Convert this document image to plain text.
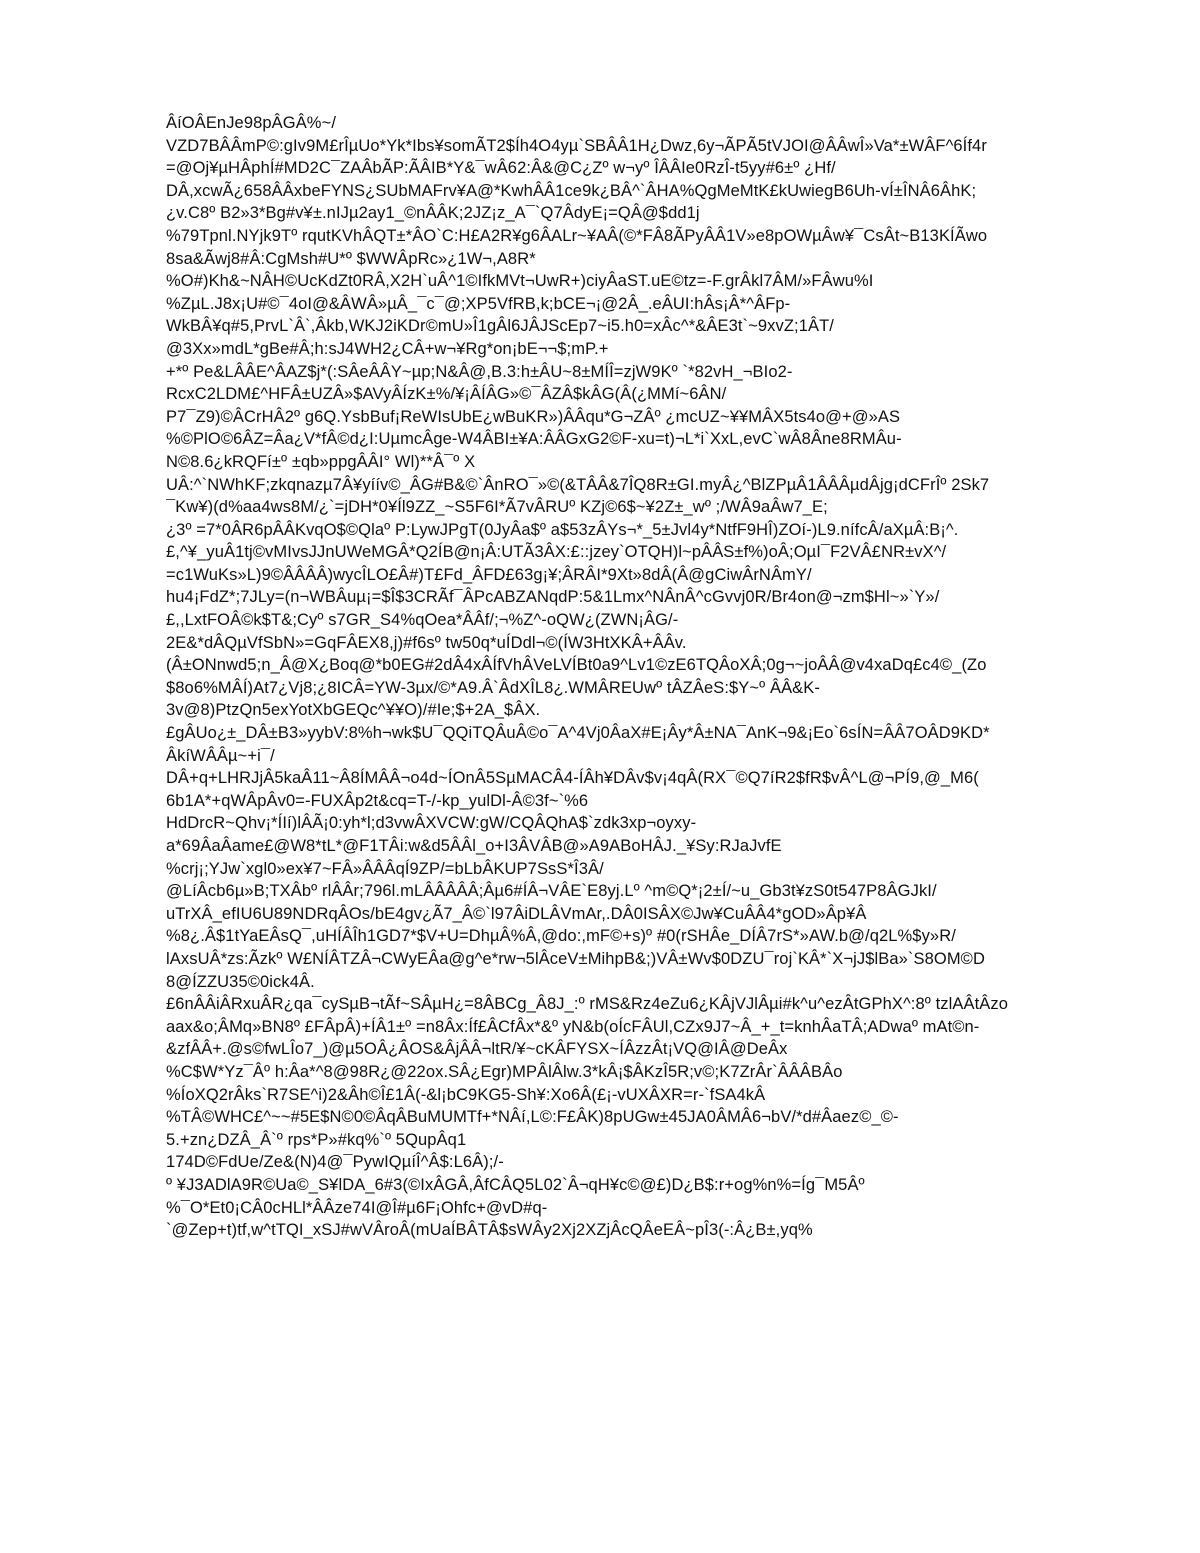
ÂíOÂEnJe98pÂGÂ%~/
VZD7BÂÂmP©:gIv9M£rÎµUo*Yk*Ibs¥somÃT2$Íh4O4yµ`SBÂÂ1H¿Dwz,6y¬ÃPÃ5tVJOI@ÂÂwÎ»Va*±WÂF^6Íf4r
=@Oj¥µHÂphÍ#MD2C¯ZAÂbÃP:ÃÂIB*Y&¯wÂ62:Â&@C¿Zº w¬yº ÎÂÂIe0RzÎ-t5yy#6±º ¿Hf/
DÂ,xcwÃ¿658ÂÂxbeFYNS¿SUbMAFrv¥A@*KwhÂÂ1ce9k¿BÂ^`ÂHA%QgMeMtK£kUwiegB6Uh-vÍ±ÎNÂ6ÂhK;
¿v.C8º B2»3*Bg#v¥±.nIJµ2ay1_©nÂÂK;2JZ¡z_A¯`Q7ÂdyE¡=QÂ@$dd1j
%79Tpnl.NYjk9Tº rqutKVhÂQT±*ÂO`C:H£A2R¥g6ÂALr~¥AÂ(©*FÂ8ÃPyÂÂ1V»e8pOWµÂw¥¯CsÂt~B13KÍÃwo
8sa&Ãwj8#Â:CgMsh#U*º $WWÂpRc»¿1W¬,A8R*
%O#)Kh&~NÂH©UcKdZt0RÂ,X2H`uÂ^1©IfkMVt¬UwR+)ciyÂaST.uE©tz=-F.grÂkl7ÂM/»FÂwu%I
%ZµL.J8x¡U#©¯4oI@&ÂWÂ»µÂ_¯c¯@;XP5VfRB,k;bCE¬¡@2Â_.eÂUI:hÂs¡Â*^ÂFp-
WkBÂ¥q#5,PrvL`Â`,Âkb,WKJ2iKDr©mU»Î1gÂl6JÂJScEp7~i5.h0=xÂc^*&ÂE3t`~9xvZ;1ÂT/
@3Xx»mdL*gBe#Â;h:sJ4WH2¿CÂ+w¬¥Rg*on¡bE¬¬$;mP.+
+*º Pe&LÂÂE^ÂAZ$j*(:SÂeÂÂY~µp;N&Â@,B.3:h±ÂU~8±MÍÎ=zjW9Kº `*82vH_¬BIo2-
RcxC2LDM£^HFÂ±UZÂ»$AVyÂÍzK±%/¥¡ÂÍÂG»©¯ÂZÂ$kÂG(Â(¿MMí~6ÂN/
P7¯Z9)©ÂCrHÂ2º g6Q.YsbBuf¡ReWIsUbE¿wBuKR»)ÂÂqu*G¬ZÂº ¿mcUZ~¥¥MÂX5ts4o@+@»AS
%©PlO©6ÂZ=Âa¿V*fÂ©d¿I:UµmcÂge-W4ÂBI±¥A:ÂÂGxG2©F-xu=t)¬L*i`XxL,evC`wÂ8Âne8RMÂu-
N©8.6¿kRQFí±º ±qb»ppgÂÂI° Wl)**Â¯º X
UÂ:^`NWhKF;zkqnazµ7Â¥yíív©_ÂG#B&©`ÂnRO¯»©(&TÂÂ&7ÎQ8R±GI.myÂ¿^BlZPµÂ1ÂÂÂµdÂjg¡dCFrÎº 2Sk7
¯Kw¥)(d%aa4ws8M/¿`=jDH*0¥Íl9ZZ_~S5F6I*Ã7vÂRUº KZj©6$~¥2Z±_wº ;/WÂ9aÂw7_E;
¿3º =7*0ÂR6pÂÂKvqO$©Qlaº P:LywJPgT(0JyÂa$º a$53zÂYs¬*_5±Jvl4y*NtfF9HÎ)ZOí-)L9.nífcÂ/aXµÂ:B¡^.
£,^¥_yuÂ1tj©vMIvsJJnUWeMGÂ*Q2ÍB@n¡Â:UTÃ3ÂX:£::jzey`OTQH)l~pÂÂS±f%)oÂ;OµI¯F2VÂ£NR±vX^/
=c1WuKs»L)9©ÂÂÂÂ)wycÎLO£Â#)T£Fd_ÂFD£63g¡¥;ÂRÂI*9Xt»8dÂ(Â@gCiwÂrNÂmY/
hu4¡FdZ*;7JLy=(n¬WBÂuµ¡=$Î$3CRÃf¯ÂPcABZANqdP:5&1Lmx^NÂnÂ^cGvvj0R/Br4on@¬zm$Hl~»`Y»/
£,,LxtFOÂ©k$T&;Cyº s7GR_S4%qOea*ÂÂf/;¬%Z^-oQW¿(ZWN¡ÂG/-
2E&*dÂQµVfSbN»=GqFÂEX8,j)#f6sº tw50q*uÍDdl¬©(ÍW3HtXKÂ+ÂÂv.
(Â±ONnwd5;n_Â@X¿Boq@*b0EG#2dÂ4xÂÍfVhÂVeLVÍBt0a9^Lv1©zE6TQÂoXÂ;0g¬~joÂÂ@v4xaDq£c4©_(Zo
$8o6%MÂÍ)At7¿Vj8;¿8ICÂ=YW-3µx/©*A9.Â`ÂdXÎL8¿.WMÂREUwº tÂZÂeS:$Y~º ÂÂ&K-
3v@8)PtzQn5exYotXbGEQc^¥¥O)/#Ie;$+2A_$ÂX.
£gÂUo¿±_DÂ±B3»yybV:8%h¬wk$U¯QQiTQÂuÂ©o¯A^4Vj0ÂaX#E¡Ây*Â±NA¯AnK¬9&¡Eo`6sÍN=ÂÂ7OÂD9KD*
ÂkíWÂÂµ~+i¯/
DÂ+q+LHRJjÂ5kaÂ11~Â8ÍMÂÂ¬o4d~ÍOnÂ5SµMACÂ4-ÍÂh¥DÂv$v¡4qÂ(RX¯©Q7íR2$fR$vÂ^L@¬PÍ9,@_M6(
6b1A*+qWÂpÂv0=-FUXÂp2t&cq=T-/-kp_yulDl-Â©3f~`%6
HdDrcR~Qhv¡*ÍIí)lÂÃ¡0:yh*l;d3vwÂXVCW:gW/CQÂQhA$`zdk3xp¬oyxy-
a*69ÂaÂame£@W8*tL*@F1TÂi:w&d5ÂÂl_o+I3ÂVÂB@»A9ABoHÂJ._¥Sy:RJaJvfE
%crj¡;YJw`xgl0»ex¥7~FÂ»ÂÂÂqÍ9ZP/=bLbÂKUP7SsS*Î3Â/
@LíÂcb6µ»B;TXÂbº rlÂÂr;796l.mLÂÂÂÂÂ;Âµ6#ÍÂ¬VÂE`E8yj.Lº ^m©Q*¡2±Í/~u_Gb3t¥zS0t547P8ÂGJkI/
uTrXÂ_efIU6U89NDRqÂOs/bE4gv¿Ã7_Â©`l97ÂiDLÂVmAr,.DÂ0ISÂX©Jw¥CuÂÂ4*gOD»Âp¥Â
%8¿.Â$1tYaEÂsQ¯,uHÍÂÎh1GD7*$V+U=DhµÂ%Â,@do:,mF©+s)º #0(rSHÂe_DÍÂ7rS*»AW.b@/q2L%$y»R/
lAxsUÂ*zs:Ãzkº W£NÍÂTZÂ¬CWyEÂa@g^e*rw¬5lÂceV±MihpB&;)VÂ±Wv$0DZU¯roj`KÂ*`X¬jJ$lBa»`S8OM©D
8@ÍZZU35©0ick4Â.
£6nÂÂiÂRxuÂR¿qa¯cySµB¬tÃf~SÂµH¿=8ÂBCg_Â8J_:º rMS&Rz4eZu6¿KÂjVJlÂµi#k^u^ezÂtGPhX^:8º tzlAÂtÂzo
aax&o;ÂMq»BN8º £FÂpÂ)+ÍÂ1±º =n8Âx:Íf£ÂCfÂx*&º yN&b(oÍcFÂUl,CZx9J7~Â_+_t=knhÂaTÂ;ADwaº mAt©n-
&zfÂÂ+.@s©fwLÎo7_)@µ5OÂ¿ÂOS&ÂjÂÂ¬ltR/¥~cKÂFYSX~ÍÂzzÂt¡VQ@IÂ@DeÂx
%C$W*Yz¯Âº h:Âa*^8@98R¿@22ox.SÂ¿Egr)MPÂlÂlw.3*kÂ¡$ÂKzÎ5R;v©;K7ZrÂr`ÂÂÂBÂo
%ÍoXQ2rÂks`R7SE^i)2&Âh©Î£1Â(-&l¡bC9KG5-Sh¥:Xo6Â(£¡-vUXÂXR=r-`fSA4kÂ
%TÂ©WHC£^~~#5E$N©0©ÂqÂBuMUMTf+*NÂí,L©:F£ÂK)8pUGw±45JA0ÂMÂ6¬bV/*d#Âaez©_©-
5.+zn¿DZÂ_Â`º rps*P»#kq%`º 5QupÂq1
174D©FdUe/Ze&(N)4@¯PywIQµíÎ^Â$:L6Â);/-
º ¥J3ADlA9R©Ua©_S¥lDA_6#3(©IxÂGÂ,ÂfCÂQ5L02`Â¬qH¥c©@£)D¿B$:r+og%n%=Íg¯M5Âº
%¯O*Et0¡CÂ0cHLl*ÂÂze74I@Î#µ6F¡Ohfc+@vD#q-
`@Zep+t)tf,w^tTQI_xSJ#wVÂroÂ(mUaÍBÂTÂ$sWÂy2Xj2XZjÂcQÂeEÂ~pÎ3(-:Â¿B±,yq%
